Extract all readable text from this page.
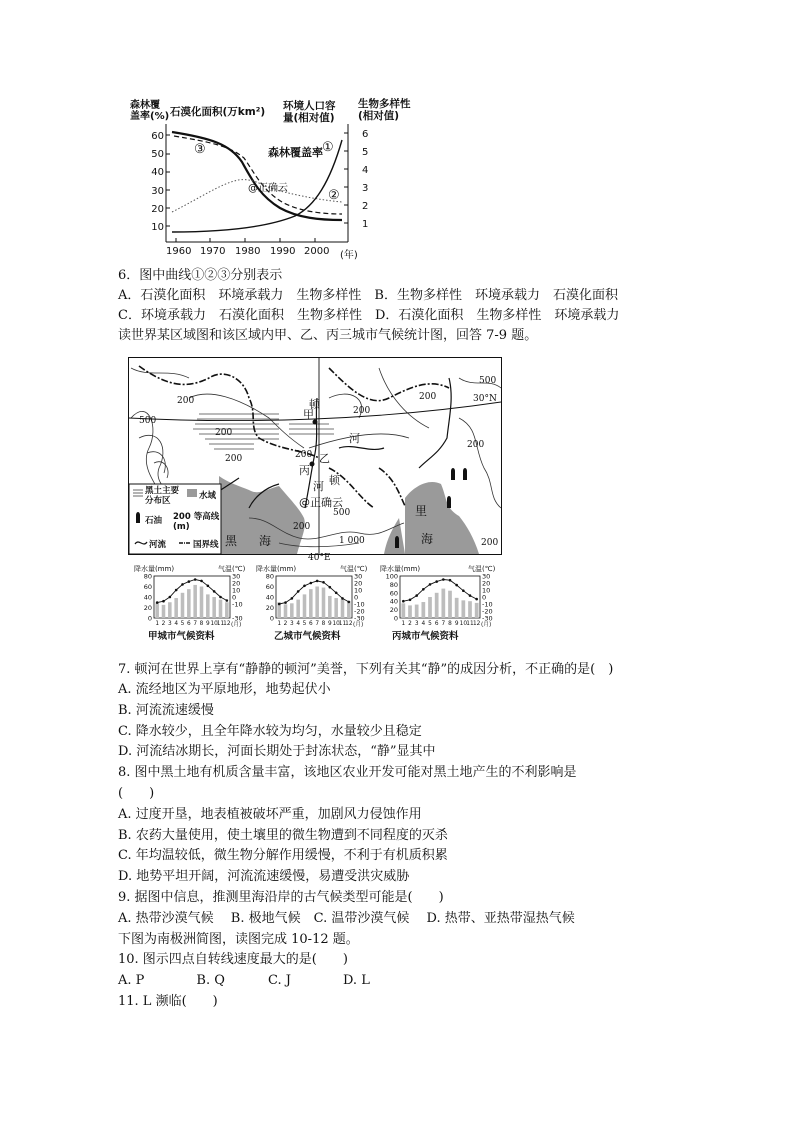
森林覆
盖率(%) 石漠化面积(万km²) 环境人口容
量(相对值)
生物多样性
(相对值)
60
50
40
30
20
10
6
5
4
3
2
1
1960 1970 1980 1990 2000 (年)
森林覆盖率
③	①
②
@正确云
6．图中曲线①②③分别表示
A．石漠化面积　环境承载力　生物多样性　B．生物多样性　环境承载力　石漠化面积
C．环境承载力　石漠化面积　生物多样性　D．石漠化面积　生物多样性　环境承载力
读世界某区域图和该区域内甲、乙、丙三城市气候统计图，回答 7-9 题。
200
500
200
200	200
200
200
500
200
500
200
1 000	200
30°N
甲
顿
河
乙
丙
河 顿
里
海
黑 海
@正确云
黑土主要
分布区	水域
石油 200 等高线
(m)
河流	国界线
40°E
80
60
40
20
0
30
20
10
0
-10
-30
1 2 3 4 5 6 7 8 9 10
11
12 (月)
降水量(mm)	气温(℃)
甲城市气候资料
80
60
40
20
0
30
20
10
0
-10
-20
-30
1 2 3 4 5 6 7 8 9 10
11
12 (月)
降水量(mm)	气温(℃)
乙城市气候资料
100
80
60
40
20
0
30
20
10
0
-10
-20
-30
1 2 3 4 5 6 7 8 9 10 11 12 (月)
降水量(mm)	气温(℃)
丙城市气候资料
7. 顿河在世界上享有“静静的顿河”美誉，下列有关其“静”的成因分析，不正确的是(　)
A. 流经地区为平原地形，地势起伏小
B. 河流流速缓慢
C. 降水较少，且全年降水较为均匀，水量较少且稳定
D. 河流结冰期长，河面长期处于封冻状态，“静”显其中
8. 图中黑土地有机质含量丰富，该地区农业开发可能对黑土地产生的不利影响是
(　　)
A. 过度开垦，地表植被破坏严重，加剧风力侵蚀作用
B. 农药大量使用，使土壤里的微生物遭到不同程度的灭杀
C. 年均温较低，微生物分解作用缓慢，不利于有机质积累
D. 地势平坦开阔，河流流速缓慢，易遭受洪灾威胁
9. 据图中信息，推测里海沿岸的古气候类型可能是(　　)
A. 热带沙漠气候　 B. 极地气候　C. 温带沙漠气候　 D. 热带、亚热带湿热气候
下图为南极洲简图，读图完成 10-12 题。
10. 图示四点自转线速度最大的是(　　)
A. P　　　　B. Q　　　 C. J　　　　D. L
11. L 濒临(　　)
